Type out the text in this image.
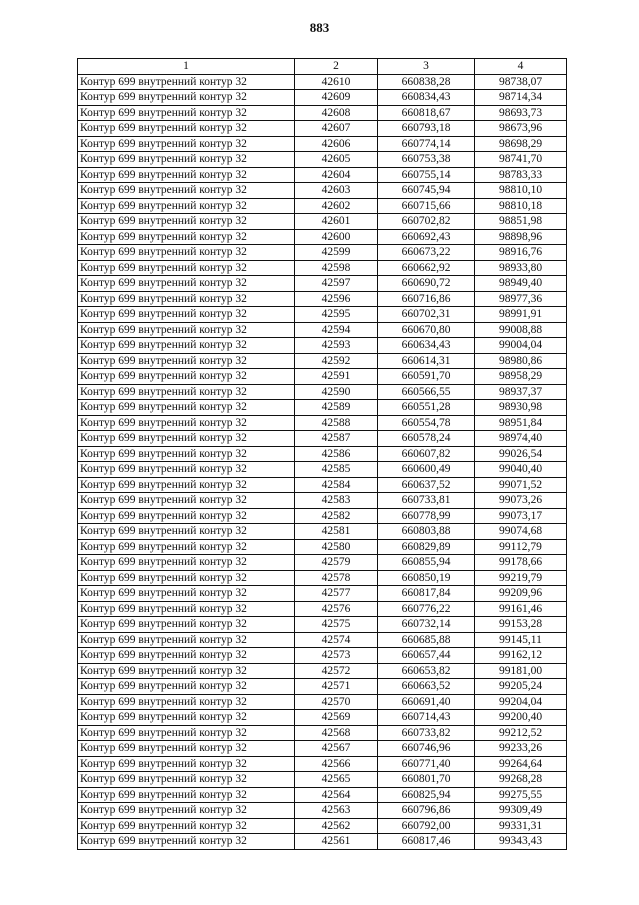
883
1	2	3	4
Контур 699 внутренний контур 32	42610	660838,28	98738,07
Контур 699 внутренний контур 32	42609	660834,43	98714,34
Контур 699 внутренний контур 32	42608	660818,67	98693,73
Контур 699 внутренний контур 32	42607	660793,18	98673,96
Контур 699 внутренний контур 32	42606	660774,14	98698,29
Контур 699 внутренний контур 32	42605	660753,38	98741,70
Контур 699 внутренний контур 32	42604	660755,14	98783,33
Контур 699 внутренний контур 32	42603	660745,94	98810,10
Контур 699 внутренний контур 32	42602	660715,66	98810,18
Контур 699 внутренний контур 32	42601	660702,82	98851,98
Контур 699 внутренний контур 32	42600	660692,43	98898,96
Контур 699 внутренний контур 32	42599	660673,22	98916,76
Контур 699 внутренний контур 32	42598	660662,92	98933,80
Контур 699 внутренний контур 32	42597	660690,72	98949,40
Контур 699 внутренний контур 32	42596	660716,86	98977,36
Контур 699 внутренний контур 32	42595	660702,31	98991,91
Контур 699 внутренний контур 32	42594	660670,80	99008,88
Контур 699 внутренний контур 32	42593	660634,43	99004,04
Контур 699 внутренний контур 32	42592	660614,31	98980,86
Контур 699 внутренний контур 32	42591	660591,70	98958,29
Контур 699 внутренний контур 32	42590	660566,55	98937,37
Контур 699 внутренний контур 32	42589	660551,28	98930,98
Контур 699 внутренний контур 32	42588	660554,78	98951,84
Контур 699 внутренний контур 32	42587	660578,24	98974,40
Контур 699 внутренний контур 32	42586	660607,82	99026,54
Контур 699 внутренний контур 32	42585	660600,49	99040,40
Контур 699 внутренний контур 32	42584	660637,52	99071,52
Контур 699 внутренний контур 32	42583	660733,81	99073,26
Контур 699 внутренний контур 32	42582	660778,99	99073,17
Контур 699 внутренний контур 32	42581	660803,88	99074,68
Контур 699 внутренний контур 32	42580	660829,89	99112,79
Контур 699 внутренний контур 32	42579	660855,94	99178,66
Контур 699 внутренний контур 32	42578	660850,19	99219,79
Контур 699 внутренний контур 32	42577	660817,84	99209,96
Контур 699 внутренний контур 32	42576	660776,22	99161,46
Контур 699 внутренний контур 32	42575	660732,14	99153,28
Контур 699 внутренний контур 32	42574	660685,88	99145,11
Контур 699 внутренний контур 32	42573	660657,44	99162,12
Контур 699 внутренний контур 32	42572	660653,82	99181,00
Контур 699 внутренний контур 32	42571	660663,52	99205,24
Контур 699 внутренний контур 32	42570	660691,40	99204,04
Контур 699 внутренний контур 32	42569	660714,43	99200,40
Контур 699 внутренний контур 32	42568	660733,82	99212,52
Контур 699 внутренний контур 32	42567	660746,96	99233,26
Контур 699 внутренний контур 32	42566	660771,40	99264,64
Контур 699 внутренний контур 32	42565	660801,70	99268,28
Контур 699 внутренний контур 32	42564	660825,94	99275,55
Контур 699 внутренний контур 32	42563	660796,86	99309,49
Контур 699 внутренний контур 32	42562	660792,00	99331,31
Контур 699 внутренний контур 32	42561	660817,46	99343,43
